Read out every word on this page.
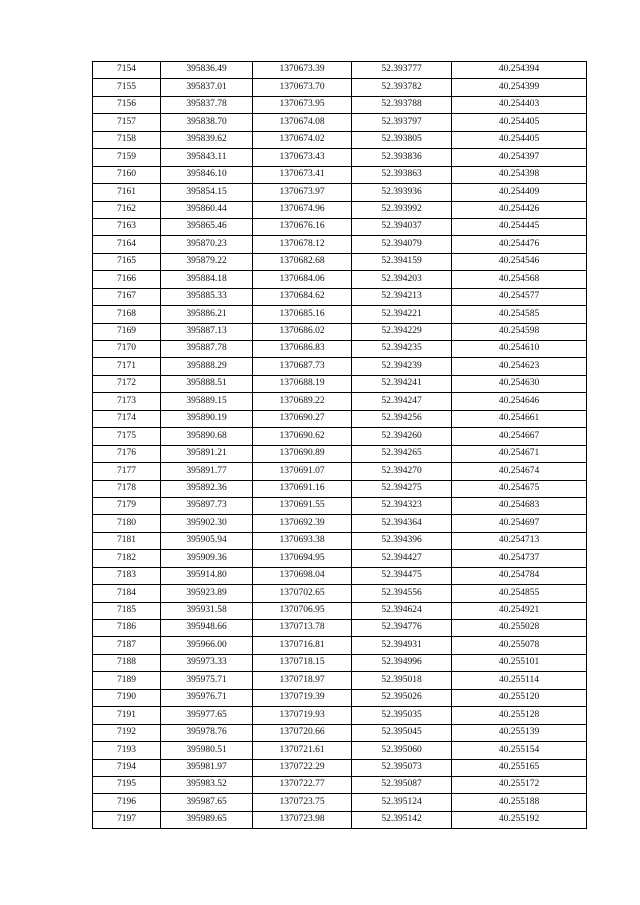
7154	395836.49	1370673.39	52.393777	40.254394
7155	395837.01	1370673.70	52.393782	40.254399
7156	395837.78	1370673.95	52.393788	40.254403
7157	395838.70	1370674.08	52.393797	40.254405
7158	395839.62	1370674.02	52.393805	40.254405
7159	395843.11	1370673.43	52.393836	40.254397
7160	395846.10	1370673.41	52.393863	40.254398
7161	395854.15	1370673.97	52.393936	40.254409
7162	395860.44	1370674.96	52.393992	40.254426
7163	395865.46	1370676.16	52.394037	40.254445
7164	395870.23	1370678.12	52.394079	40.254476
7165	395879.22	1370682.68	52.394159	40.254546
7166	395884.18	1370684.06	52.394203	40.254568
7167	395885.33	1370684.62	52.394213	40.254577
7168	395886.21	1370685.16	52.394221	40.254585
7169	395887.13	1370686.02	52.394229	40.254598
7170	395887.78	1370686.83	52.394235	40.254610
7171	395888.29	1370687.73	52.394239	40.254623
7172	395888.51	1370688.19	52.394241	40.254630
7173	395889.15	1370689.22	52.394247	40.254646
7174	395890.19	1370690.27	52.394256	40.254661
7175	395890.68	1370690.62	52.394260	40.254667
7176	395891.21	1370690.89	52.394265	40.254671
7177	395891.77	1370691.07	52.394270	40.254674
7178	395892.36	1370691.16	52.394275	40.254675
7179	395897.73	1370691.55	52.394323	40.254683
7180	395902.30	1370692.39	52.394364	40.254697
7181	395905.94	1370693.38	52.394396	40.254713
7182	395909.36	1370694.95	52.394427	40.254737
7183	395914.80	1370698.04	52.394475	40.254784
7184	395923.89	1370702.65	52.394556	40.254855
7185	395931.58	1370706.95	52.394624	40.254921
7186	395948.66	1370713.78	52.394776	40.255028
7187	395966.00	1370716.81	52.394931	40.255078
7188	395973.33	1370718.15	52.394996	40.255101
7189	395975.71	1370718.97	52.395018	40.255114
7190	395976.71	1370719.39	52.395026	40.255120
7191	395977.65	1370719.93	52.395035	40.255128
7192	395978.76	1370720.66	52.395045	40.255139
7193	395980.51	1370721.61	52.395060	40.255154
7194	395981.97	1370722.29	52.395073	40.255165
7195	395983.52	1370722.77	52.395087	40.255172
7196	395987.65	1370723.75	52.395124	40.255188
7197	395989.65	1370723.98	52.395142	40.255192
